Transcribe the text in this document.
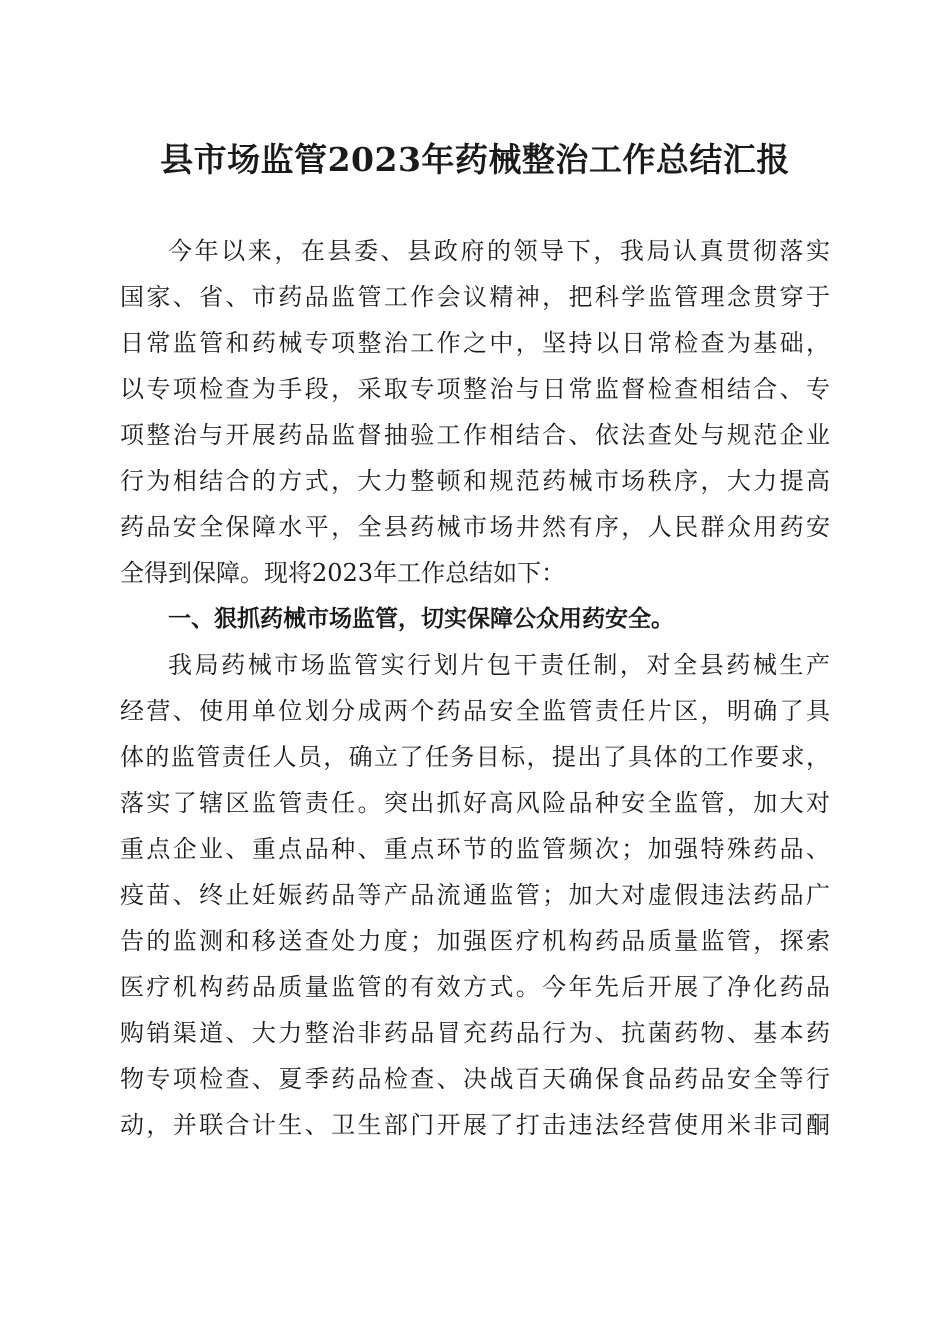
县市场监管2023年药械整治工作总结汇报
今年以来，在县委、县政府的领导下，我局认真贯彻落实
国家、省、市药品监管工作会议精神，把科学监管理念贯穿于
日常监管和药械专项整治工作之中，坚持以日常检查为基础，
以专项检查为手段，采取专项整治与日常监督检查相结合、专
项整治与开展药品监督抽验工作相结合、依法查处与规范企业
行为相结合的方式，大力整顿和规范药械市场秩序，大力提高
药品安全保障水平，全县药械市场井然有序，人民群众用药安
全得到保障。现将2023年工作总结如下：
一、狠抓药械市场监管，切实保障公众用药安全。
我局药械市场监管实行划片包干责任制，对全县药械生产
经营、使用单位划分成两个药品安全监管责任片区，明确了具
体的监管责任人员，确立了任务目标，提出了具体的工作要求，
落实了辖区监管责任。突出抓好高风险品种安全监管，加大对
重点企业、重点品种、重点环节的监管频次；加强特殊药品、
疫苗、终止妊娠药品等产品流通监管；加大对虚假违法药品广
告的监测和移送查处力度；加强医疗机构药品质量监管，探索
医疗机构药品质量监管的有效方式。今年先后开展了净化药品
购销渠道、大力整治非药品冒充药品行为、抗菌药物、基本药
物专项检查、夏季药品检查、决战百天确保食品药品安全等行
动，并联合计生、卫生部门开展了打击违法经营使用米非司酮
